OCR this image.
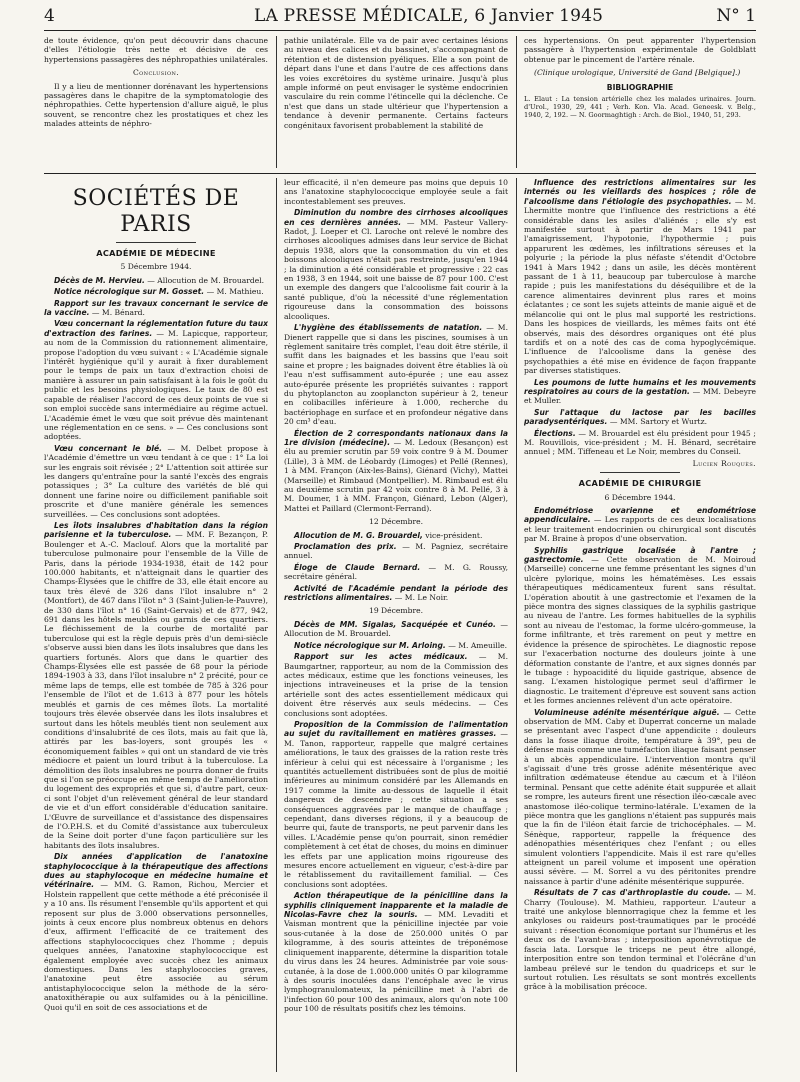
4	LA PRESSE MÉDICALE, 6 Janvier 1945	N° 1

de toute évidence, qu'on peut découvrir dans chacune d'elles l'étiologie très nette et décisive de ces hypertensions passagères des néphropathies unilatérales.

Conclusion.

Il y a lieu de mentionner dorénavant les hypertensions passagères dans le chapitre de la symptomatologie des néphropathies. Cette hypertension d'allure aiguë, le plus souvent, se rencontre chez les prostatiques et chez les malades atteints de néphro-

pathie unilatérale. Elle va de pair avec certaines lésions au niveau des calices et du bassinet, s'accompagnant de rétention et de distension pyéliques. Elle a son point de départ dans l'une et dans l'autre de ces affections dans les voies excrétoires du système urinaire. Jusqu'à plus ample informé on peut envisager le système endocrinien vasculaire du rein comme l'étincelle qui la déclenche. Ce n'est que dans un stade ultérieur que l'hypertension a tendance à devenir permanente. Certains facteurs congénitaux favorisent probablement la stabilité de

ces hypertensions. On peut apparenter l'hypertension passagère à l'hypertension expérimentale de Goldblatt obtenue par le pincement de l'artère rénale.

(Clinique urologique, Université de Gand [Belgique].)

BIBLIOGRAPHIE

L. Elaut : La tension artérielle chez les malades urinaires. Journ. d'Urol., 1930, 29, 441 ; Verh. Kon. Vla. Acad. Geneesk. v. Belg., 1940, 2, 192. — N. Goormaghtigh : Arch. de Biol., 1940, 51, 293.

SOCIÉTÉS DE PARIS
ACADÉMIE DE MÉDECINE

5 Décembre 1944.

Décès de M. Hervieu. — Allocution de M. Brouardel.

Notice nécrologique sur M. Gosset. — M. Mathieu.

Rapport sur les travaux concernant le service de la vaccine. — M. Bénard.

Vœu concernant la réglementation future du taux d'extraction des farines. — M. Lapicque, rapporteur, au nom de la Commission du rationnement alimentaire, propose l'adoption du vœu suivant : « L'Académie signale l'intérêt hygiénique qu'il y aurait à fixer durablement pour le temps de paix un taux d'extraction choisi de manière à assurer un pain satisfaisant à la fois le goût du public et les besoins physiologiques. Le taux de 80 est capable de réaliser l'accord de ces deux points de vue si son emploi succède sans intermédiaire au régime actuel. L'Académie émet le vœu que soit prévue dès maintenant une réglementation en ce sens. » — Ces conclusions sont adoptées.

Vœu concernant le blé. — M. Delbet propose à l'Académie d'émettre un vœu tendant à ce que : 1° La loi sur les engrais soit révisée ; 2° L'attention soit attirée sur les dangers qu'entraîne pour la santé l'excès des engrais potassiques ; 3° La culture des variétés de blé qui donnent une farine noire ou difficilement panifiable soit proscrite et d'une manière générale les semences surveillées. — Ces conclusions sont adoptées.

Les îlots insalubres d'habitation dans la région parisienne et la tuberculose. — MM. F. Bezançon, P. Boulenger et A.-C. Maclouf. Alors que la mortalité par tuberculose pulmonaire pour l'ensemble de la Ville de Paris, dans la période 1934-1938, était de 142 pour 100.000 habitants, et n'atteignait dans le quartier des Champs-Élysées que le chiffre de 33, elle était encore au taux très élevé de 326 dans l'îlot insalubre n° 2 (Montfort), de 467 dans l'îlot n° 3 (Saint-Julien-le-Pauvre), de 330 dans l'îlot n° 16 (Saint-Gervais) et de 877, 942, 691 dans les hôtels meublés ou garnis de ces quartiers. Le fléchissement de la courbe de mortalité par tuberculose qui est la règle depuis près d'un demi-siècle s'observe aussi bien dans les îlots insalubres que dans les quartiers fortunés. Alors que dans le quartier des Champs-Élysées elle est passée de 68 pour la période 1894-1903 à 33, dans l'îlot insalubre n° 2 précité, pour ce même laps de temps, elle est tombée de 785 à 326 pour l'ensemble de l'îlot et de 1.613 à 877 pour les hôtels meublés et garnis de ces mêmes îlots. La mortalité toujours très élevée observée dans les îlots insalubres et surtout dans les hôtels meublés tient non seulement aux conditions d'insalubrité de ces îlots, mais au fait que là, attirés par les bas-loyers, sont groupés les « économiquement faibles » qui ont un standard de vie très médiocre et paient un lourd tribut à la tuberculose. La démolition des îlots insalubres ne pourra donner de fruits que si l'on se préoccupe en même temps de l'amélioration du logement des expropriés et que si, d'autre part, ceux-ci sont l'objet d'un relèvement général de leur standard de vie et d'un effort considérable d'éducation sanitaire. L'Œuvre de surveillance et d'assistance des dispensaires de l'O.P.H.S. et du Comité d'assistance aux tuberculeux de la Seine doit porter d'une façon particulière sur les habitants des îlots insalubres.

Dix années d'application de l'anatoxine staphylococcique à la thérapeutique des affections dues au staphylocoque en médecine humaine et vétérinaire. — MM. G. Ramon, Richou, Mercier et Holstein rappellent que cette méthode a été préconisée il y a 10 ans. Ils résument l'ensemble qu'ils apportent et qui reposent sur plus de 3.000 observations personnelles, joints à ceux encore plus nombreux obtenus en dehors d'eux, affirment l'efficacité de ce traitement des affections staphylococciques chez l'homme ; depuis quelques années, l'anatoxine staphylococcique est également employée avec succès chez les animaux domestiques. Dans les staphylococcies graves, l'anatoxine peut être associée au sérum antistaphylococcique selon la méthode de la séro-anatoxithérapie ou aux sulfamides ou à la pénicilline. Quoi qu'il en soit de ces associations et de

leur efficacité, il n'en demeure pas moins que depuis 10 ans l'anatoxine staphylococcique employée seule a fait incontestablement ses preuves.

Diminution du nombre des cirrhoses alcooliques en ces dernières années. — MM. Pasteur Vallery-Radot, J. Loeper et Cl. Laroche ont relevé le nombre des cirrhoses alcooliques admises dans leur service de Bichat depuis 1938, alors que la consommation du vin et des boissons alcooliques n'était pas restreinte, jusqu'en 1944 ; la diminution a été considérable et progressive : 22 cas en 1938, 3 en 1944, soit une baisse de 87 pour 100. C'est un exemple des dangers que l'alcoolisme fait courir à la santé publique, d'où la nécessité d'une réglementation rigoureuse dans la consommation des boissons alcooliques.

L'hygiène des établissements de natation. — M. Dienert rappelle que si dans les piscines, soumises à un règlement sanitaire très complet, l'eau doit être stérile, il suffit dans les baignades et les bassins que l'eau soit saine et propre ; les baignades doivent être établies là où l'eau n'est suffisamment auto-épurée ; une eau assez auto-épurée présente les propriétés suivantes : rapport du phytoplancton au zooplancton supérieur à 2, teneur en colibacilles inférieure à 1.000, recherche du bactériophage en surface et en profondeur négative dans 20 cm³ d'eau.

Élection de 2 correspondants nationaux dans la 1re division (médecine). — M. Ledoux (Besançon) est élu au premier scrutin par 59 voix contre 9 à M. Doumer (Lille), 3 à MM. de Léobardy (Limoges) et Pellé (Rennes), 1 à MM. Françon (Aix-les-Bains), Giénard (Vichy), Mattei (Marseille) et Rimbaud (Montpellier). M. Rimbaud est élu au deuxième scrutin par 42 voix contre 8 à M. Pellé, 3 à M. Doumer, 1 à MM. Françon, Giénard, Lebon (Alger), Mattei et Paillard (Clermont-Ferrand).

12 Décembre.

Allocution de M. G. Brouardel, vice-président.

Proclamation des prix. — M. Pagniez, secrétaire annuel.

Éloge de Claude Bernard. — M. G. Roussy, secrétaire général.

Activité de l'Académie pendant la période des restrictions alimentaires. — M. Le Noir.

19 Décembre.

Décès de MM. Sigalas, Sacquépée et Cunéo. — Allocution de M. Brouardel.

Notice nécrologique sur M. Arloing. — M. Ameuille.

Rapport sur les actes médicaux. — M. Baumgartner, rapporteur, au nom de la Commission des actes médicaux, estime que les fonctions veineuses, les injections intraveineuses et la prise de la tension artérielle sont des actes essentiellement médicaux qui doivent être réservés aux seuls médecins. — Ces conclusions sont adoptées.

Proposition de la Commission de l'alimentation au sujet du ravitaillement en matières grasses. — M. Tanon, rapporteur, rappelle que malgré certaines améliorations, le taux des graisses de la ration reste très inférieur à celui qui est nécessaire à l'organisme ; les quantités actuellement distribuées sont de plus de moitié inférieures au minimum considéré par les Allemands en 1917 comme la limite au-dessous de laquelle il était dangereux de descendre ; cette situation a ses conséquences aggravées par le manque de chauffage ; cependant, dans diverses régions, il y a beaucoup de beurre qui, faute de transports, ne peut parvenir dans les villes. L'Académie pense qu'on pourrait, sinon remédier complètement à cet état de choses, du moins en diminuer les effets par une application moins rigoureuse des mesures encore actuellement en vigueur, c'est-à-dire par le rétablissement du ravitaillement familial. — Ces conclusions sont adoptées.

Action thérapeutique de la pénicilline dans la syphilis cliniquement inapparente et la maladie de Nicolas-Favre chez la souris. — MM. Levaditi et Vaisman montrent que la pénicilline injectée par voie sous-cutanée à la dose de 250.000 unités O par kilogramme, à des souris atteintes de tréponémose cliniquement inapparente, détermine la disparition totale du virus dans les 24 heures. Administrée par voie sous-cutanée, à la dose de 1.000.000 unités O par kilogramme à des souris inoculées dans l'encéphale avec le virus lymphogranulomateux, la pénicilline met à l'abri de l'infection 60 pour 100 des animaux, alors qu'on note 100 pour 100 de résultats positifs chez les témoins.

Influence des restrictions alimentaires sur les internés ou les vieillards des hospices ; rôle de l'alcoolisme dans l'étiologie des psychopathies. — M. Lhermitte montre que l'influence des restrictions a été considérable dans les asiles d'aliénés ; elle s'y est manifestée surtout à partir de Mars 1941 par l'amaigrissement, l'hypotonie, l'hypothermie ; puis apparurent les œdèmes, les infiltrations séreuses et la polyurie ; la période la plus néfaste s'étendit d'Octobre 1941 à Mars 1942 ; dans un asile, les décès montèrent passant de 1 à 11, beaucoup par tuberculose à marche rapide ; puis les manifestations du déséquilibre et de la carence alimentaires devinrent plus rares et moins éclatantes ; ce sont les sujets atteints de manie aiguë et de mélancolie qui ont le plus mal supporté les restrictions. Dans les hospices de vieillards, les mêmes faits ont été observés, mais des désordres organiques ont été plus tardifs et on a noté des cas de coma hypoglycémique. L'influence de l'alcoolisme dans la genèse des psychopathies a été mise en évidence de façon frappante par diverses statistiques.

Les poumons de lutte humains et les mouvements respiratoires au cours de la gestation. — MM. Debeyre et Muller.

Sur l'attaque du lactose par les bacilles paradysentériques. — MM. Sartory et Wurtz.

Élections. — M. Brouardel est élu président pour 1945 ; M. Rouvillois, vice-président ; M. H. Bénard, secrétaire annuel ; MM. Tiffeneau et Le Noir, membres du Conseil.

Lucien Rouquès.

ACADÉMIE DE CHIRURGIE

6 Décembre 1944.

Endométriose ovarienne et endométriose appendiculaire. — Les rapports de ces deux localisations et leur traitement endocrinien ou chirurgical sont discutés par M. Braine à propos d'une observation.

Syphilis gastrique localisée à l'antre ; gastrectomie. — Cette observation de M. Moiroud (Marseille) concerne une femme présentant les signes d'un ulcère pylorique, moins les hématémèses. Les essais thérapeutiques médicamenteux furent sans résultat. L'opération aboutit à une gastrectomie et l'examen de la pièce montra des signes classiques de la syphilis gastrique au niveau de l'antre. Les formes habituelles de la syphilis sont au niveau de l'estomac, la forme ulcéro-gommeuse, la forme infiltrante, et très rarement on peut y mettre en évidence la présence de spirochètes. Le diagnostic repose sur l'exacerbation nocturne des douleurs jointe à une déformation constante de l'antre, et aux signes donnés par le tubage : hypoacidité du liquide gastrique, absence de sang. L'examen histologique permet seul d'affirmer le diagnostic. Le traitement d'épreuve est souvent sans action et les formes anciennes relèvent d'un acte opératoire.

Volumineuse adénite mésentérique aiguë. — Cette observation de MM. Caby et Duperrat concerne un malade se présentant avec l'aspect d'une appendicite : douleurs dans la fosse iliaque droite, température à 39°, peu de défense mais comme une tuméfaction iliaque faisant penser à un abcès appendiculaire. L'intervention montra qu'il s'agissait d'une très grosse adénite mésentérique avec infiltration œdémateuse étendue au cæcum et à l'iléon terminal. Pensant que cette adénite était suppurée et allait se rompre, les auteurs firent une résection iléo-cæcale avec anastomose iléo-colique termino-latérale. L'examen de la pièce montra que les ganglions n'étaient pas suppurés mais que la fin de l'iléon était farcie de trichocéphales. — M. Sénèque, rapporteur, rappelle la fréquence des adénopathies mésentériques chez l'enfant ; ou elles simulent volontiers l'appendicite. Mais il est rare qu'elles atteignent un pareil volume et imposent une opération aussi sévère. — M. Sorrel a vu des péritonites prendre naissance à partir d'une adénite mésentérique suppurée.

Résultats de 7 cas d'arthroplastie du coude. — M. Charry (Toulouse). M. Mathieu, rapporteur. L'auteur a traité une ankylose blennorragique chez la femme et les ankyloses ou raideurs post-traumatiques par le procédé suivant : résection économique portant sur l'humérus et les deux os de l'avant-bras ; interposition aponévrotique de fascia lata. Lorsque le triceps ne peut être allongé, interposition entre son tendon terminal et l'olécrâne d'un lambeau prélevé sur le tendon du quadriceps et sur le surtout rotulien. Les résultats se sont montrés excellents grâce à la mobilisation précoce.
